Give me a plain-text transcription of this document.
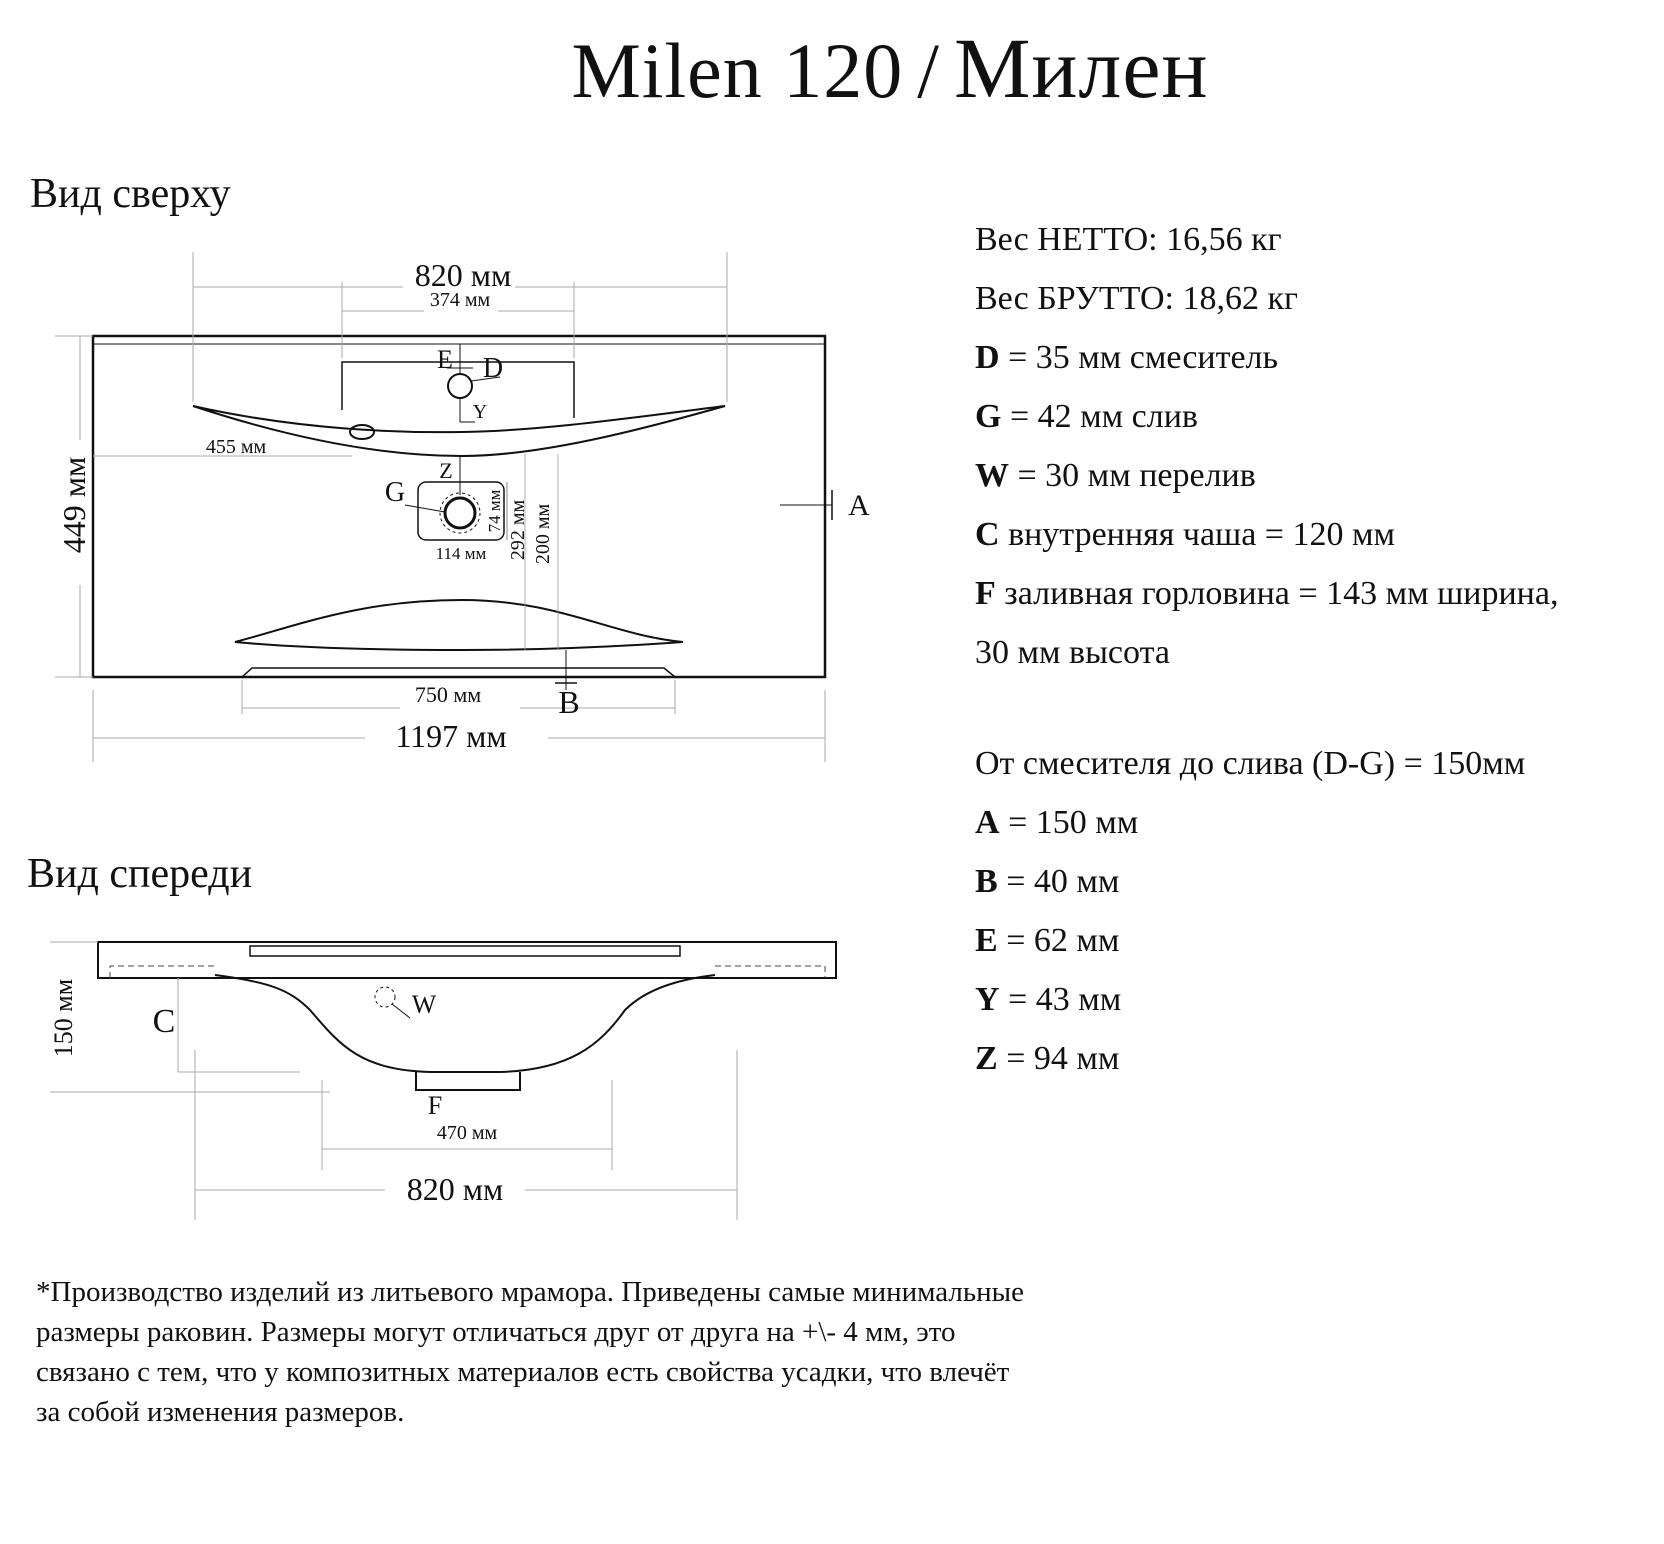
Milen 120 / Милен
Вид сверху
Вид спереди
820 мм
374 мм
455 мм
449 мм	74 мм 292 мм 200 мм
114 мм
750 мм
1197 мм
E D
Y
Z
G	A
B
150 мм C	W
F
470 мм
820 мм
Вес НЕТТО: 16,56 кг
Вес БРУТТО: 18,62 кг
D = 35 мм смеситель
G = 42 мм слив
W = 30 мм перелив
C внутренняя чаша = 120 мм
F заливная горловина = 143 мм ширина,
30 мм высота
От смесителя до слива (D-G) = 150мм
A = 150 мм
B = 40 мм
E = 62 мм
Y = 43 мм
Z = 94 мм
*Производство изделий из литьевого мрамора. Приведены самые минимальные размеры раковин. Размеры могут отличаться друг от друга на +\- 4 мм, это связано с тем, что у композитных материалов есть свойства усадки, что влечёт за собой изменения размеров.
